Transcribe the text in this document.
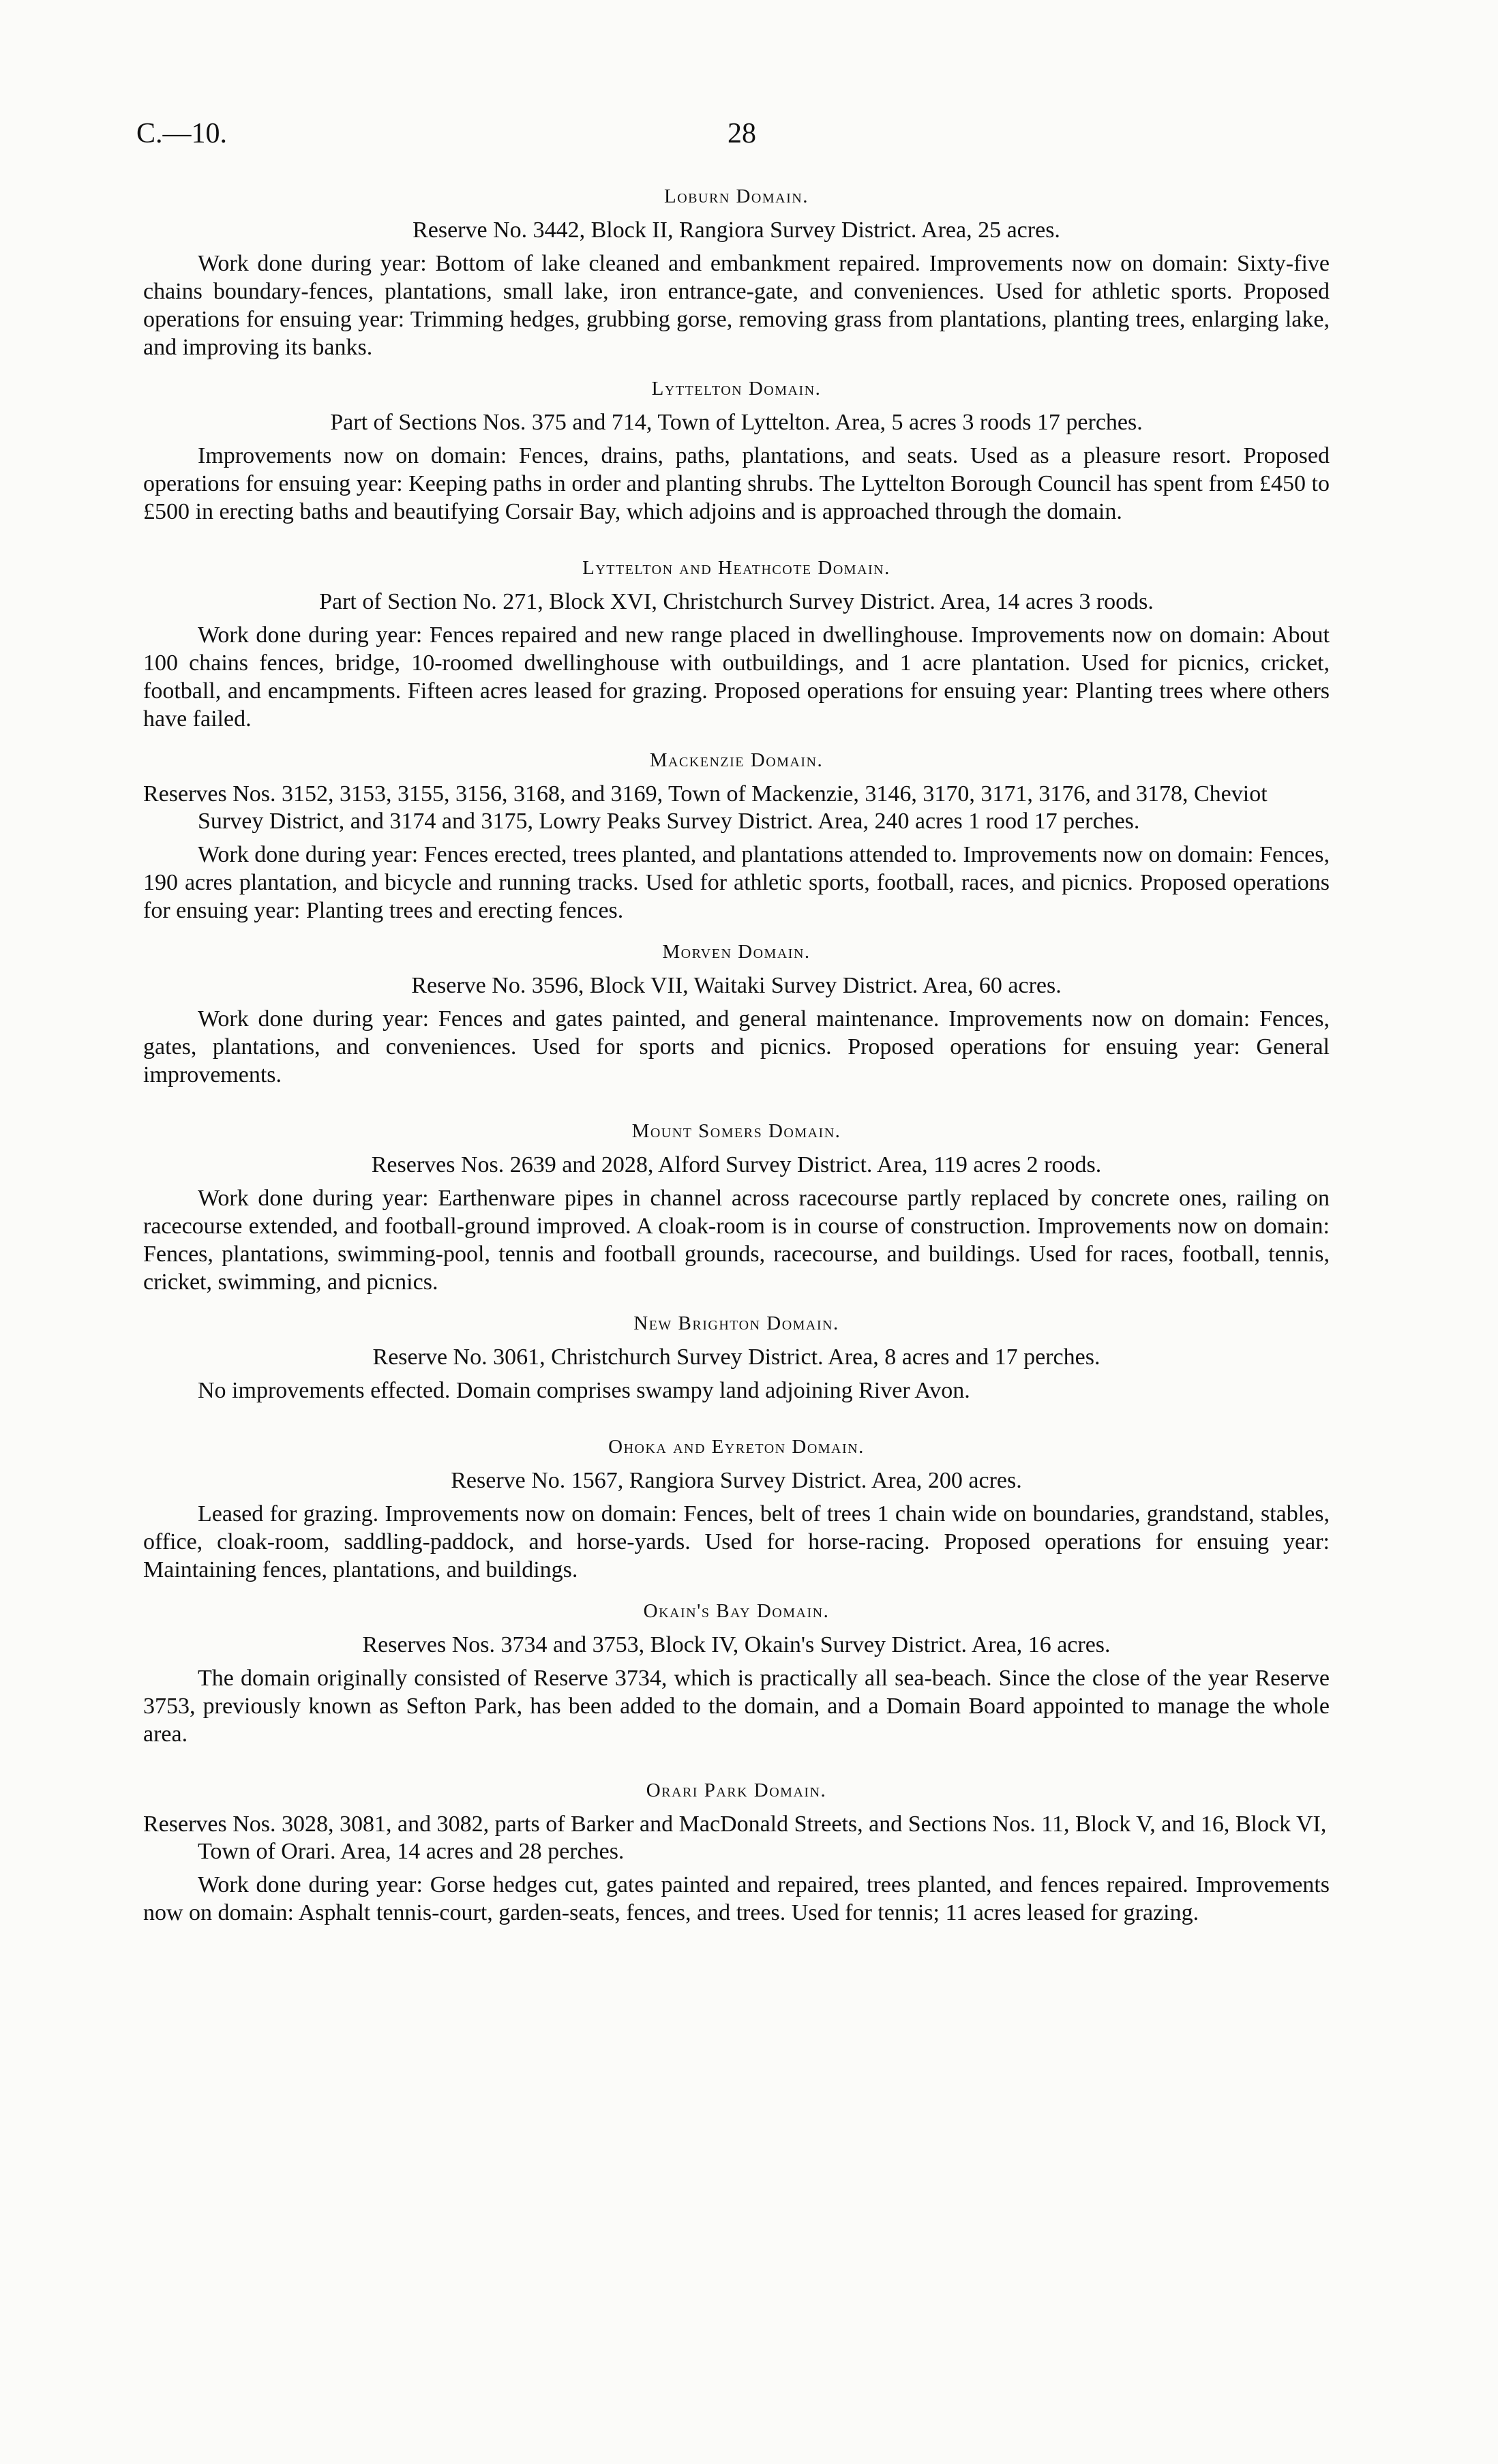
C.—10.	28

Loburn Domain.

Reserve No. 3442, Block II, Rangiora Survey District. Area, 25 acres.

Work done during year: Bottom of lake cleaned and embankment repaired. Improvements now on domain: Sixty-five chains boundary-fences, plantations, small lake, iron entrance-gate, and conveniences. Used for athletic sports. Proposed operations for ensuing year: Trimming hedges, grubbing gorse, removing grass from plantations, planting trees, enlarging lake, and improving its banks.

Lyttelton Domain.

Part of Sections Nos. 375 and 714, Town of Lyttelton. Area, 5 acres 3 roods 17 perches.

Improvements now on domain: Fences, drains, paths, plantations, and seats. Used as a pleasure resort. Proposed operations for ensuing year: Keeping paths in order and planting shrubs. The Lyttelton Borough Council has spent from £450 to £500 in erecting baths and beautifying Corsair Bay, which adjoins and is approached through the domain.

Lyttelton and Heathcote Domain.

Part of Section No. 271, Block XVI, Christchurch Survey District. Area, 14 acres 3 roods.

Work done during year: Fences repaired and new range placed in dwellinghouse. Improvements now on domain: About 100 chains fences, bridge, 10-roomed dwellinghouse with outbuildings, and 1 acre plantation. Used for picnics, cricket, football, and encampments. Fifteen acres leased for grazing. Proposed operations for ensuing year: Planting trees where others have failed.

Mackenzie Domain.

Reserves Nos. 3152, 3153, 3155, 3156, 3168, and 3169, Town of Mackenzie, 3146, 3170, 3171, 3176, and 3178, Cheviot Survey District, and 3174 and 3175, Lowry Peaks Survey District. Area, 240 acres 1 rood 17 perches.

Work done during year: Fences erected, trees planted, and plantations attended to. Improvements now on domain: Fences, 190 acres plantation, and bicycle and running tracks. Used for athletic sports, football, races, and picnics. Proposed operations for ensuing year: Planting trees and erecting fences.

Morven Domain.

Reserve No. 3596, Block VII, Waitaki Survey District. Area, 60 acres.

Work done during year: Fences and gates painted, and general maintenance. Improvements now on domain: Fences, gates, plantations, and conveniences. Used for sports and picnics. Proposed operations for ensuing year: General improvements.

Mount Somers Domain.

Reserves Nos. 2639 and 2028, Alford Survey District. Area, 119 acres 2 roods.

Work done during year: Earthenware pipes in channel across racecourse partly replaced by concrete ones, railing on racecourse extended, and football-ground improved. A cloak-room is in course of construction. Improvements now on domain: Fences, plantations, swimming-pool, tennis and football grounds, racecourse, and buildings. Used for races, football, tennis, cricket, swimming, and picnics.

New Brighton Domain.

Reserve No. 3061, Christchurch Survey District. Area, 8 acres and 17 perches.

No improvements effected. Domain comprises swampy land adjoining River Avon.

Ohoka and Eyreton Domain.

Reserve No. 1567, Rangiora Survey District. Area, 200 acres.

Leased for grazing. Improvements now on domain: Fences, belt of trees 1 chain wide on boundaries, grandstand, stables, office, cloak-room, saddling-paddock, and horse-yards. Used for horse-racing. Proposed operations for ensuing year: Maintaining fences, plantations, and buildings.

Okain's Bay Domain.

Reserves Nos. 3734 and 3753, Block IV, Okain's Survey District. Area, 16 acres.

The domain originally consisted of Reserve 3734, which is practically all sea-beach. Since the close of the year Reserve 3753, previously known as Sefton Park, has been added to the domain, and a Domain Board appointed to manage the whole area.

Orari Park Domain.

Reserves Nos. 3028, 3081, and 3082, parts of Barker and MacDonald Streets, and Sections Nos. 11, Block V, and 16, Block VI, Town of Orari. Area, 14 acres and 28 perches.

Work done during year: Gorse hedges cut, gates painted and repaired, trees planted, and fences repaired. Improvements now on domain: Asphalt tennis-court, garden-seats, fences, and trees. Used for tennis; 11 acres leased for grazing.
